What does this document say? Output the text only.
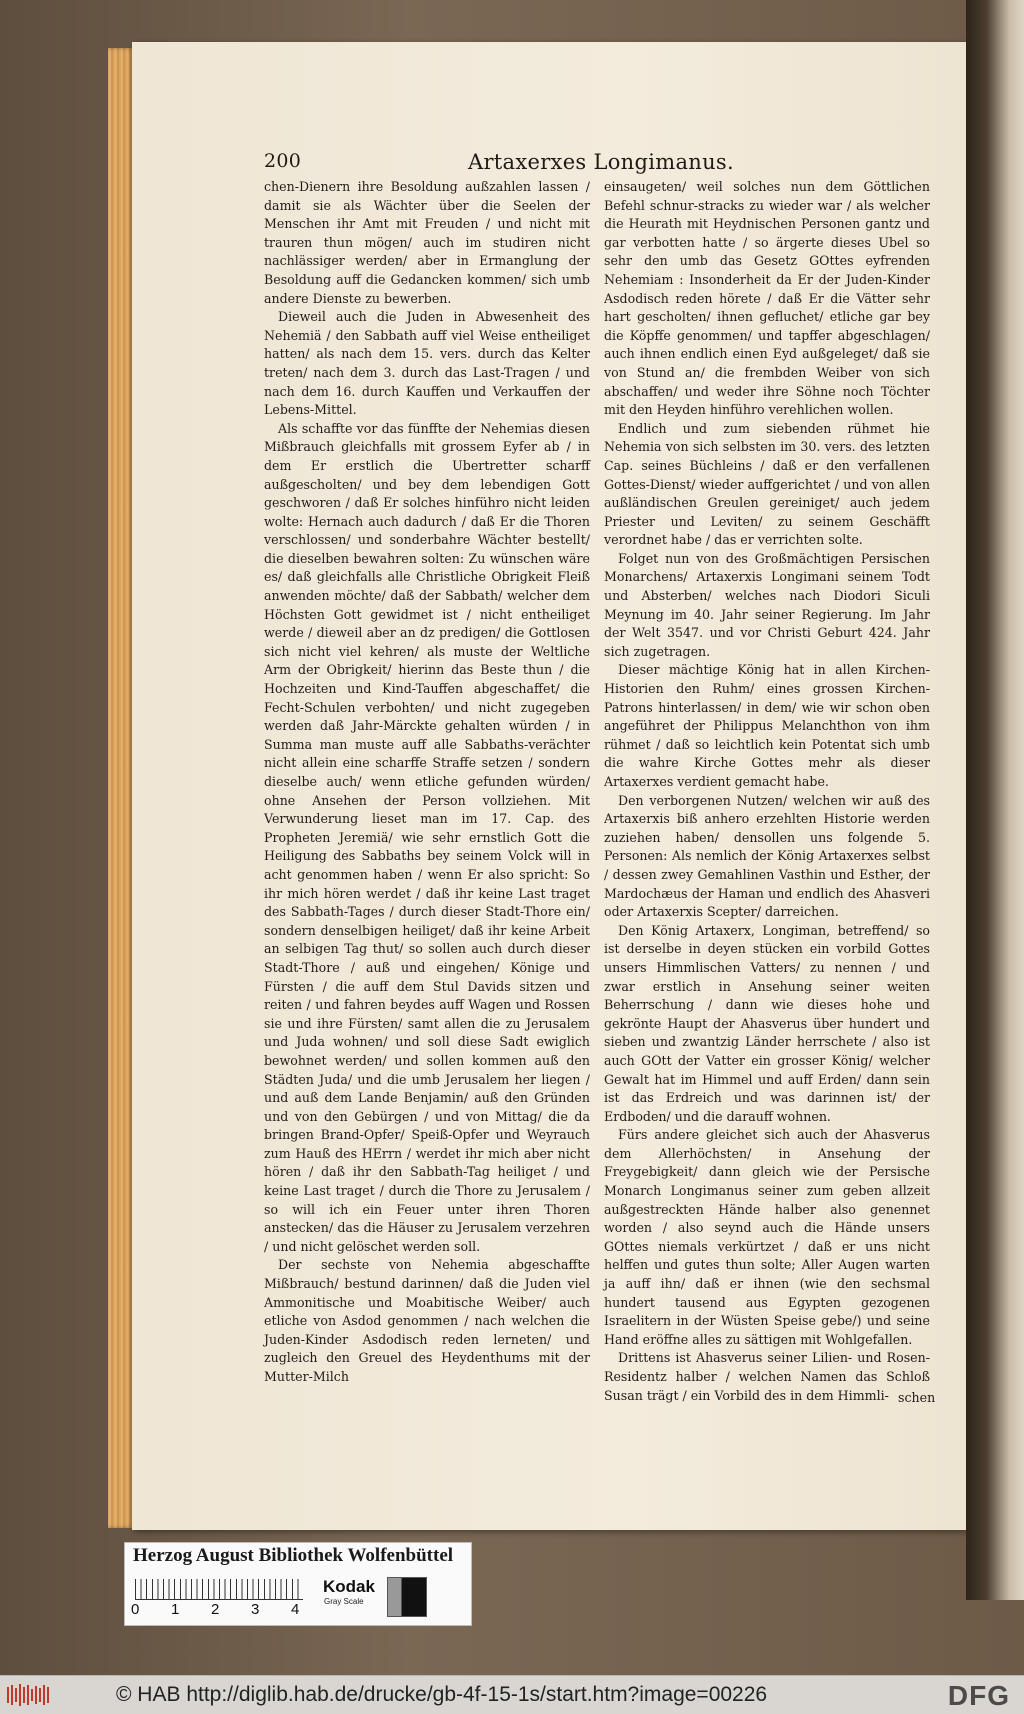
200	Artaxerxes Longimanus.

chen-Dienern ihre Besoldung außzahlen lassen / damit sie als Wächter über die Seelen der Menschen ihr Amt mit Freuden / und nicht mit trauren thun mögen/ auch im studiren nicht nachlässiger werden/ aber in Ermanglung der Besoldung auff die Gedancken kommen/ sich umb andere Dienste zu bewerben.

Dieweil auch die Juden in Abwesenheit des Nehemiä / den Sabbath auff viel Weise entheiliget hatten/ als nach dem 15. vers. durch das Kelter treten/ nach dem 3. durch das Last-Tragen / und nach dem 16. durch Kauffen und Verkauffen der Lebens-Mittel.

Als schaffte vor das fünffte der Nehemias diesen Mißbrauch gleichfalls mit grossem Eyfer ab / in dem Er erstlich die Ubertretter scharff außgescholten/ und bey dem lebendigen Gott geschworen / daß Er solches hinführo nicht leiden wolte: Hernach auch dadurch / daß Er die Thoren verschlossen/ und sonderbahre Wächter bestellt/ die dieselben bewahren solten: Zu wünschen wäre es/ daß gleichfalls alle Christliche Obrigkeit Fleiß anwenden möchte/ daß der Sabbath/ welcher dem Höchsten Gott gewidmet ist / nicht entheiliget werde / dieweil aber an dz predigen/ die Gottlosen sich nicht viel kehren/ als muste der Weltliche Arm der Obrigkeit/ hierinn das Beste thun / die Hochzeiten und Kind-Tauffen abgeschaffet/ die Fecht-Schulen verbohten/ und nicht zugegeben werden daß Jahr-Märckte gehalten würden / in Summa man muste auff alle Sabbaths-verächter nicht allein eine scharffe Straffe setzen / sondern dieselbe auch/ wenn etliche gefunden würden/ ohne Ansehen der Person vollziehen. Mit Verwunderung lieset man im 17. Cap. des Propheten Jeremiä/ wie sehr ernstlich Gott die Heiligung des Sabbaths bey seinem Volck will in acht genommen haben / wenn Er also spricht: So ihr mich hören werdet / daß ihr keine Last traget des Sabbath-Tages / durch dieser Stadt-Thore ein/ sondern denselbigen heiliget/ daß ihr keine Arbeit an selbigen Tag thut/ so sollen auch durch dieser Stadt-Thore / auß und eingehen/ Könige und Fürsten / die auff dem Stul Davids sitzen und reiten / und fahren beydes auff Wagen und Rossen sie und ihre Fürsten/ samt allen die zu Jerusalem und Juda wohnen/ und soll diese Sadt ewiglich bewohnet werden/ und sollen kommen auß den Städten Juda/ und die umb Jerusalem her liegen / und auß dem Lande Benjamin/ auß den Gründen und von den Gebürgen / und von Mittag/ die da bringen Brand-Opfer/ Speiß-Opfer und Weyrauch zum Hauß des HErrn / werdet ihr mich aber nicht hören / daß ihr den Sabbath-Tag heiliget / und keine Last traget / durch die Thore zu Jerusalem / so will ich ein Feuer unter ihren Thoren anstecken/ das die Häuser zu Jerusalem verzehren / und nicht gelöschet werden soll.

Der sechste von Nehemia abgeschaffte Mißbrauch/ bestund darinnen/ daß die Juden viel Ammonitische und Moabitische Weiber/ auch etliche von Asdod genommen / nach welchen die Juden-Kinder Asdodisch reden lerneten/ und zugleich den Greuel des Heydenthums mit der Mutter-Milch

einsaugeten/ weil solches nun dem Göttlichen Befehl schnur-stracks zu wieder war / als welcher die Heurath mit Heydnischen Personen gantz und gar verbotten hatte / so ärgerte dieses Ubel so sehr den umb das Gesetz GOttes eyfrenden Nehemiam : Insonderheit da Er der Juden-Kinder Asdodisch reden hörete / daß Er die Vätter sehr hart gescholten/ ihnen gefluchet/ etliche gar bey die Köpffe genommen/ und tapffer abgeschlagen/ auch ihnen endlich einen Eyd außgeleget/ daß sie von Stund an/ die frembden Weiber von sich abschaffen/ und weder ihre Söhne noch Töchter mit den Heyden hinführo verehlichen wollen.

Endlich und zum siebenden rühmet hie Nehemia von sich selbsten im 30. vers. des letzten Cap. seines Büchleins / daß er den verfallenen Gottes-Dienst/ wieder auffgerichtet / und von allen außländischen Greulen gereiniget/ auch jedem Priester und Leviten/ zu seinem Geschäfft verordnet habe / das er verrichten solte.

Folget nun von des Großmächtigen Persischen Monarchens/ Artaxerxis Longimani seinem Todt und Absterben/ welches nach Diodori Siculi Meynung im 40. Jahr seiner Regierung. Im Jahr der Welt 3547. und vor Christi Geburt 424. Jahr sich zugetragen.

Dieser mächtige König hat in allen Kirchen-Historien den Ruhm/ eines grossen Kirchen-Patrons hinterlassen/ in dem/ wie wir schon oben angeführet der Philippus Melanchthon von ihm rühmet / daß so leichtlich kein Potentat sich umb die wahre Kirche Gottes mehr als dieser Artaxerxes verdient gemacht habe.

Den verborgenen Nutzen/ welchen wir auß des Artaxerxis biß anhero erzehlten Historie werden zuziehen haben/ densollen uns folgende 5. Personen: Als nemlich der König Artaxerxes selbst / dessen zwey Gemahlinen Vasthin und Esther, der Mardochæus der Haman und endlich des Ahasveri oder Artaxerxis Scepter/ darreichen.

Den König Artaxerx, Longiman, betreffend/ so ist derselbe in deyen stücken ein vorbild Gottes unsers Himmlischen Vatters/ zu nennen / und zwar erstlich in Ansehung seiner weiten Beherrschung / dann wie dieses hohe und gekrönte Haupt der Ahasverus über hundert und sieben und zwantzig Länder herrschete / also ist auch GOtt der Vatter ein grosser König/ welcher Gewalt hat im Himmel und auff Erden/ dann sein ist das Erdreich und was darinnen ist/ der Erdboden/ und die darauff wohnen.

Fürs andere gleichet sich auch der Ahasverus dem Allerhöchsten/ in Ansehung der Freygebigkeit/ dann gleich wie der Persische Monarch Longimanus seiner zum geben allzeit außgestreckten Hände halber also genennet worden / also seynd auch die Hände unsers GOttes niemals verkürtzet / daß er uns nicht helffen und gutes thun solte; Aller Augen warten ja auff ihn/ daß er ihnen (wie den sechsmal hundert tausend aus Egypten gezogenen Israelitern in der Wüsten Speise gebe/) und seine Hand eröffne alles zu sättigen mit Wohlgefallen.

Drittens ist Ahasverus seiner Lilien- und Rosen-Residentz halber / welchen Namen das Schloß Susan trägt / ein Vorbild des in dem Himmli- schen
Herzog August Bibliothek Wolfenbüttel
0 1 2 3 4
Kodak
Gray Scale
© HAB http://diglib.hab.de/drucke/gb-4f-15-1s/start.htm?image=00226	DFG
